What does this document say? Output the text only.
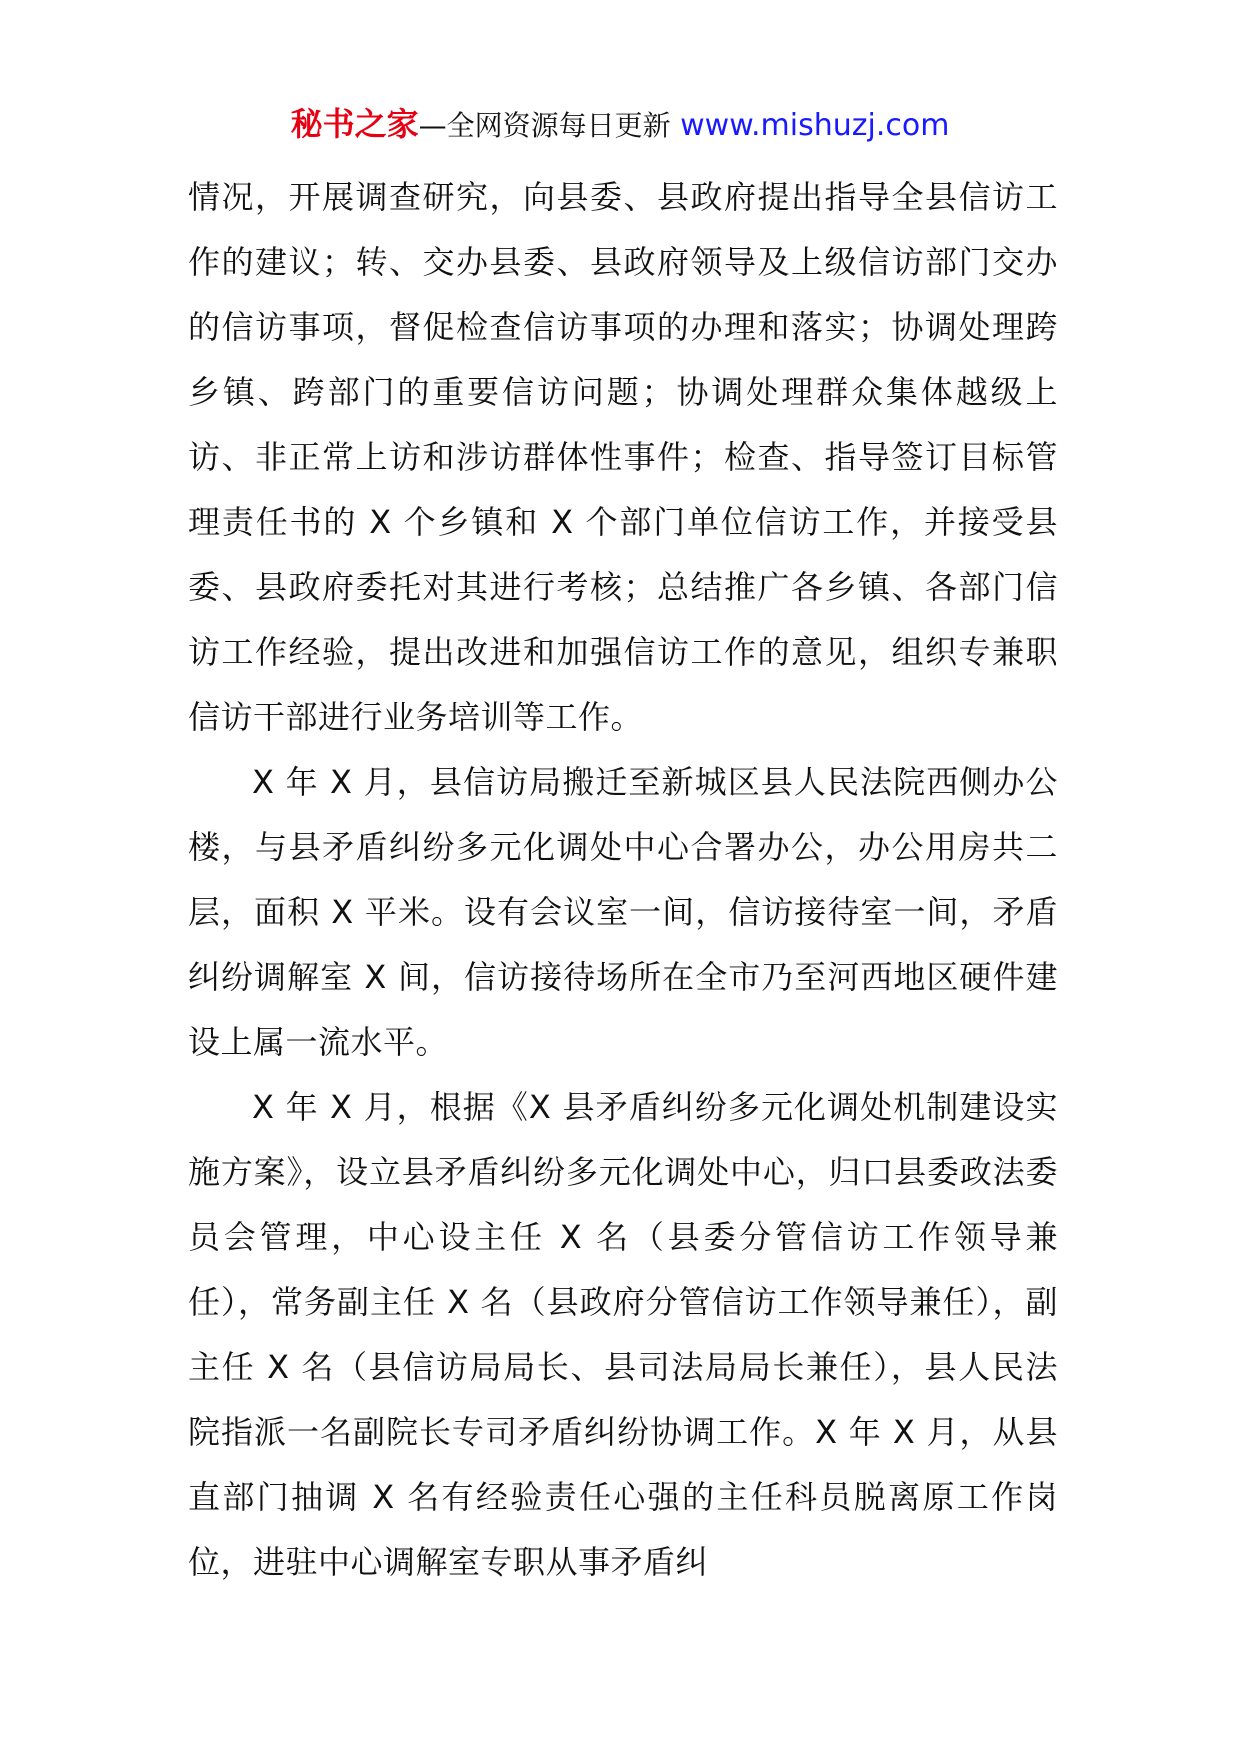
秘书之家—全网资源每日更新 www.mishuzj.com

情况，开展调查研究，向县委、县政府提出指导全县信访工作的建议；转、交办县委、县政府领导及上级信访部门交办的信访事项，督促检查信访事项的办理和落实；协调处理跨乡镇、跨部门的重要信访问题；协调处理群众集体越级上访、非正常上访和涉访群体性事件；检查、指导签订目标管理责任书的 X 个乡镇和 X 个部门单位信访工作，并接受县委、县政府委托对其进行考核；总结推广各乡镇、各部门信访工作经验，提出改进和加强信访工作的意见，组织专兼职信访干部进行业务培训等工作。

X 年 X 月，县信访局搬迁至新城区县人民法院西侧办公楼，与县矛盾纠纷多元化调处中心合署办公，办公用房共二层，面积 X 平米。设有会议室一间，信访接待室一间，矛盾纠纷调解室 X 间，信访接待场所在全市乃至河西地区硬件建设上属一流水平。

X 年 X 月，根据《X 县矛盾纠纷多元化调处机制建设实施方案》，设立县矛盾纠纷多元化调处中心，归口县委政法委员会管理，中心设主任 X 名（县委分管信访工作领导兼任），常务副主任 X 名（县政府分管信访工作领导兼任），副主任 X 名（县信访局局长、县司法局局长兼任），县人民法院指派一名副院长专司矛盾纠纷协调工作。X 年 X 月，从县直部门抽调 X 名有经验责任心强的主任科员脱离原工作岗位，进驻中心调解室专职从事矛盾纠
